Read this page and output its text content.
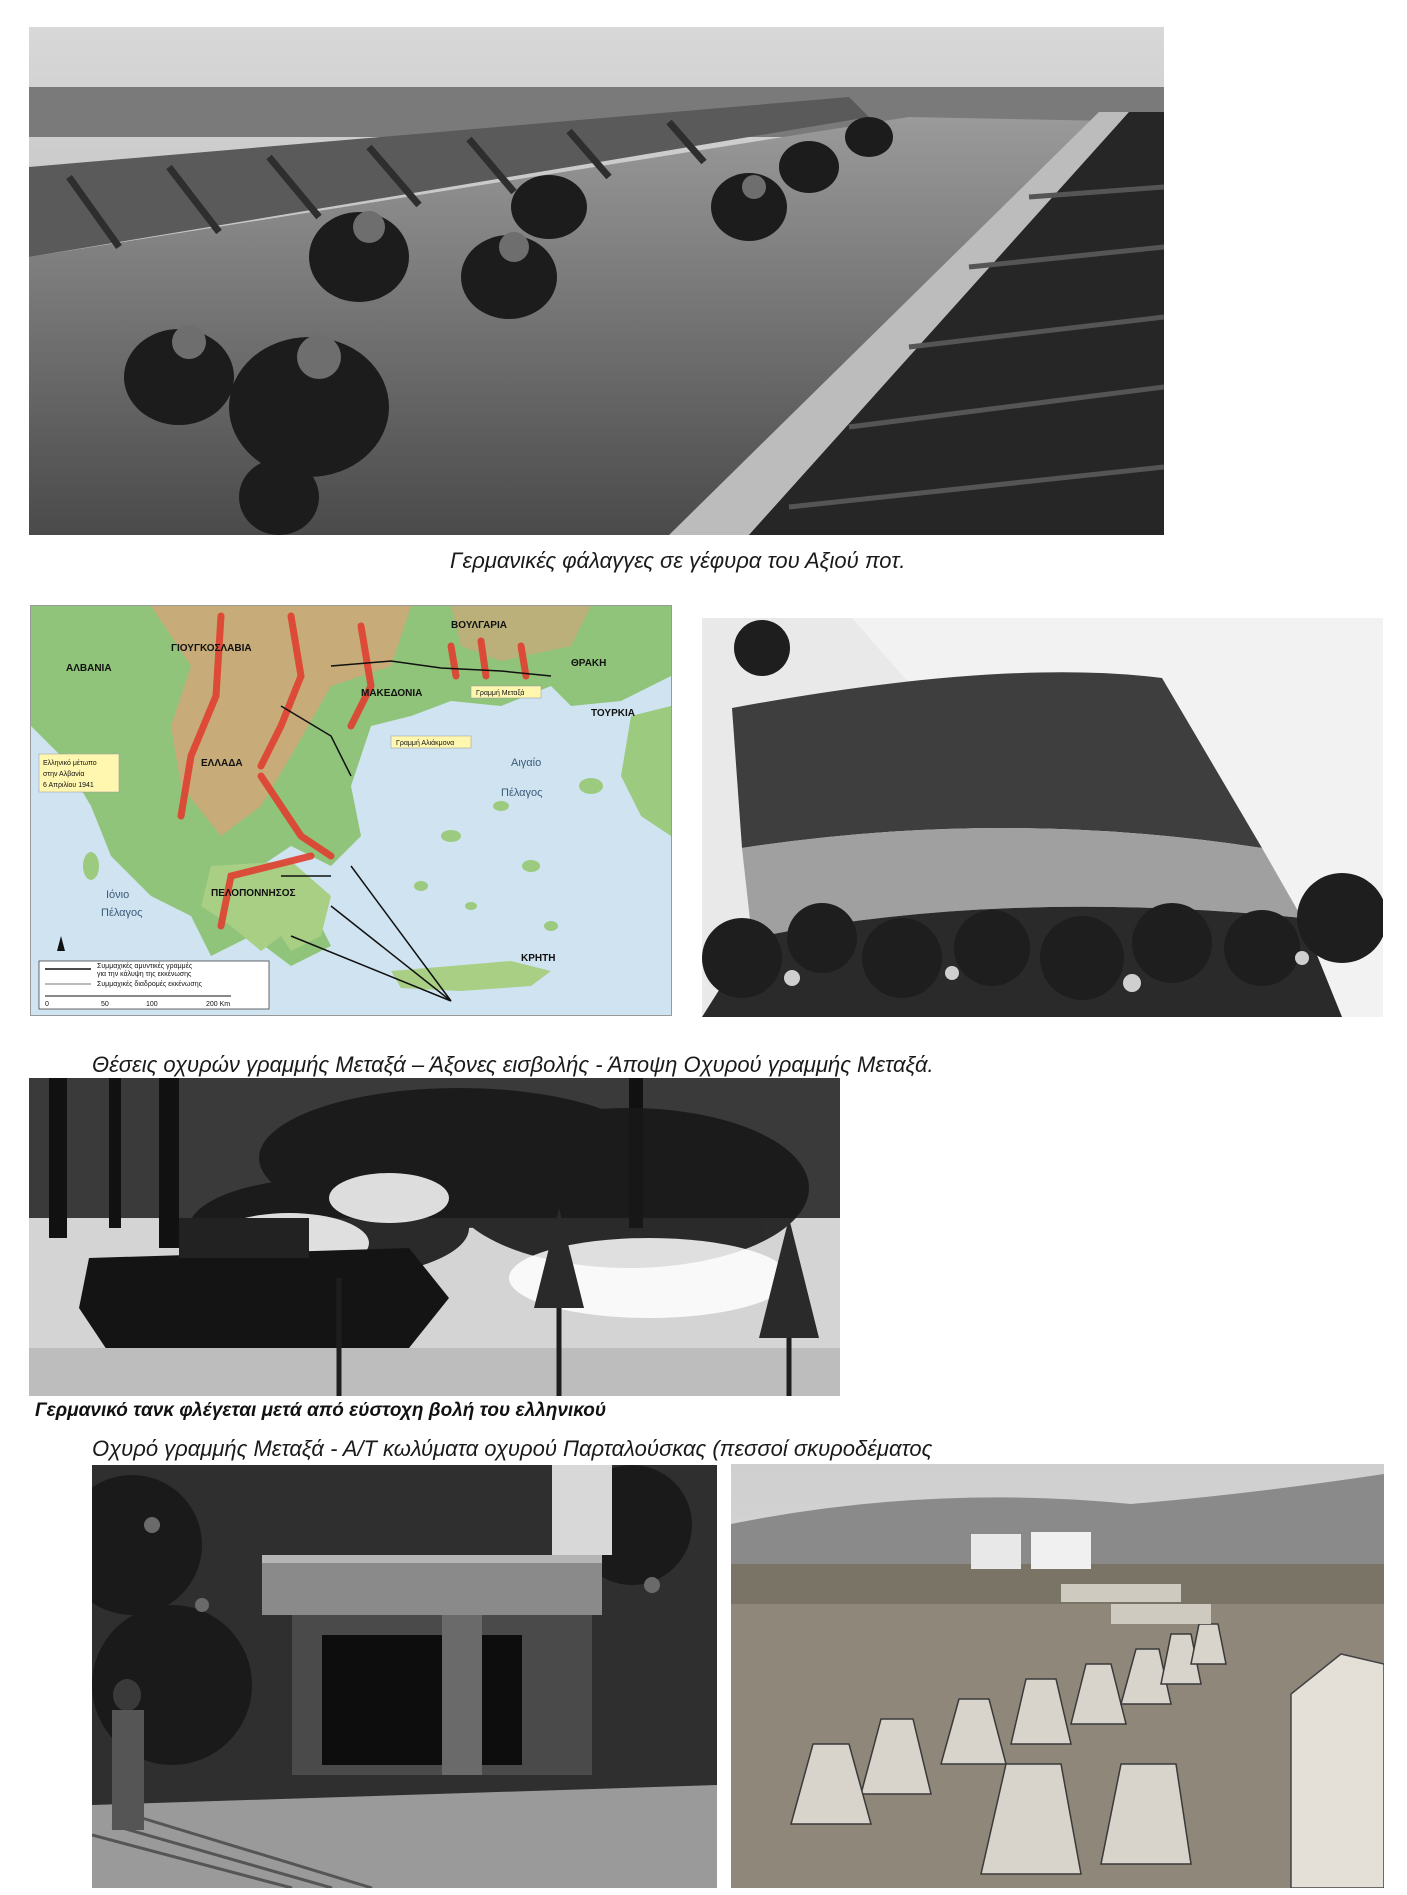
Γερμανικές φάλαγγες σε γέφυρα του Αξιού ποτ.
ΓΙΟΥΓΚΟΣΛΑΒΙΑ
ΒΟΥΛΓΑΡΙΑ
ΑΛΒΑΝΙΑ
ΤΟΥΡΚΙΑ
ΕΛΛΑΔΑ
ΜΑΚΕΔΟΝΙΑ
ΘΡΑΚΗ
ΠΕΛΟΠΟΝΝΗΣΟΣ
ΚΡΗΤΗ
Αιγαίο
Πέλαγος
Ιόνιο
Πέλαγος
Γραμμή Μεταξά
Γραμμή Αλιάκμονα
Ελληνικό μέτωπο
στην Αλβανία
6 Απριλίου 1941
Συμμαχικές αμυντικές γραμμές
για την κάλυψη της εκκένωσης
Συμμαχικές διαδρομές εκκένωσης
0	50	100	200 Km
Θέσεις οχυρών γραμμής Μεταξά – Άξονες εισβολής - Άποψη Οχυρού γραμμής Μεταξά.
Γερμανικό τανκ φλέγεται μετά από εύστοχη βολή του ελληνικού
Οχυρό γραμμής Μεταξά - Α/Τ κωλύματα οχυρού Παρταλούσκας (πεσσοί σκυροδέματος
